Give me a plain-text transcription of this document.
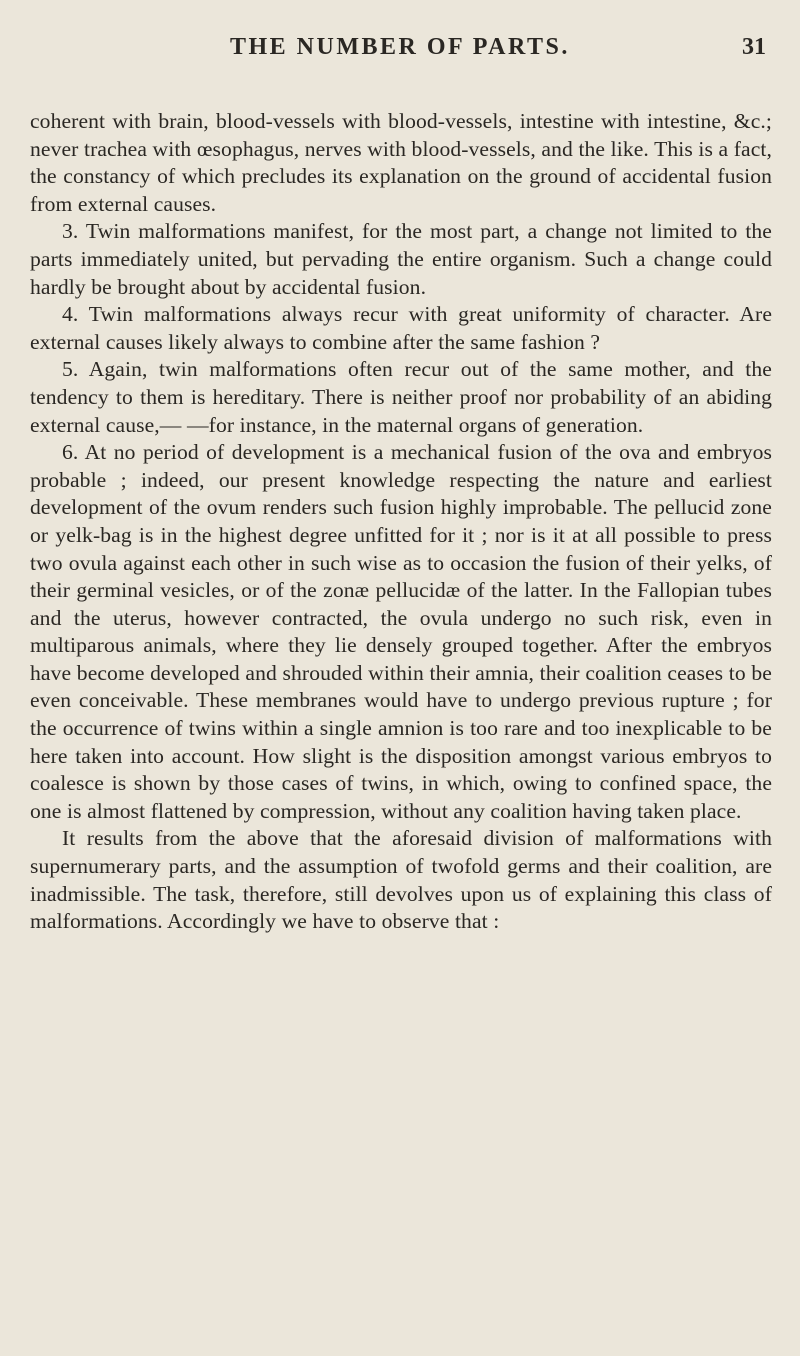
THE NUMBER OF PARTS.	31

coherent with brain, blood-vessels with blood-vessels, intestine with intestine, &c.; never trachea with œsophagus, nerves with blood-vessels, and the like. This is a fact, the constancy of which precludes its explanation on the ground of accidental fusion from external causes.

3. Twin malformations manifest, for the most part, a change not limited to the parts immediately united, but pervading the entire organism. Such a change could hardly be brought about by accidental fusion.

4. Twin malformations always recur with great uniformity of character. Are external causes likely always to combine after the same fashion ?

5. Again, twin malformations often recur out of the same mother, and the tendency to them is hereditary. There is neither proof nor probability of an abiding external cause,— —for instance, in the maternal organs of generation.

6. At no period of development is a mechanical fusion of the ova and embryos probable ; indeed, our present knowledge respecting the nature and earliest development of the ovum renders such fusion highly improbable. The pellucid zone or yelk-bag is in the highest degree unfitted for it ; nor is it at all possible to press two ovula against each other in such wise as to occasion the fusion of their yelks, of their germinal vesicles, or of the zonæ pellucidæ of the latter. In the Fallopian tubes and the uterus, however contracted, the ovula undergo no such risk, even in multiparous animals, where they lie densely grouped together. After the embryos have become developed and shrouded within their amnia, their coalition ceases to be even conceivable. These membranes would have to undergo previous rupture ; for the occurrence of twins within a single amnion is too rare and too inexplicable to be here taken into account. How slight is the disposition amongst various embryos to coalesce is shown by those cases of twins, in which, owing to confined space, the one is almost flattened by compression, without any coalition having taken place.

It results from the above that the aforesaid division of malformations with supernumerary parts, and the assumption of twofold germs and their coalition, are inadmissible. The task, therefore, still devolves upon us of explaining this class of malformations. Accordingly we have to observe that :
